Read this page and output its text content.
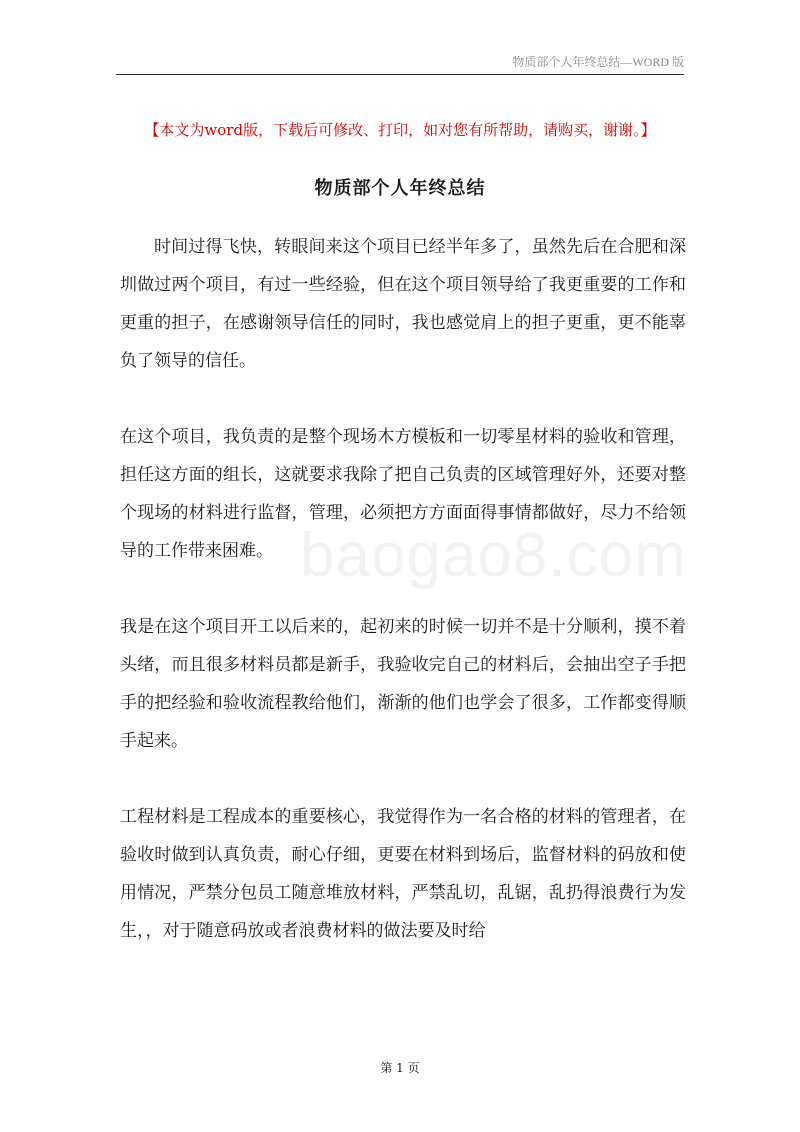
物质部个人年终总结—WORD 版
【本文为word版，下载后可修改、打印，如对您有所帮助，请购买，谢谢。】
物质部个人年终总结
baogao8.com

时间过得飞快，转眼间来这个项目已经半年多了，虽然先后在合肥和深圳做过两个项目，有过一些经验，但在这个项目领导给了我更重要的工作和更重的担子，在感谢领导信任的同时，我也感觉肩上的担子更重，更不能辜负了领导的信任。

在这个项目，我负责的是整个现场木方模板和一切零星材料的验收和管理，担任这方面的组长，这就要求我除了把自己负责的区域管理好外，还要对整个现场的材料进行监督，管理，必须把方方面面得事情都做好，尽力不给领导的工作带来困难。

我是在这个项目开工以后来的，起初来的时候一切并不是十分顺利，摸不着头绪，而且很多材料员都是新手，我验收完自己的材料后，会抽出空子手把手的把经验和验收流程教给他们，渐渐的他们也学会了很多，工作都变得顺手起来。

工程材料是工程成本的重要核心，我觉得作为一名合格的材料的管理者，在验收时做到认真负责，耐心仔细，更要在材料到场后，监督材料的码放和使用情况，严禁分包员工随意堆放材料，严禁乱切，乱锯，乱扔得浪费行为发生，，对于随意码放或者浪费材料的做法要及时给

第 1 页
